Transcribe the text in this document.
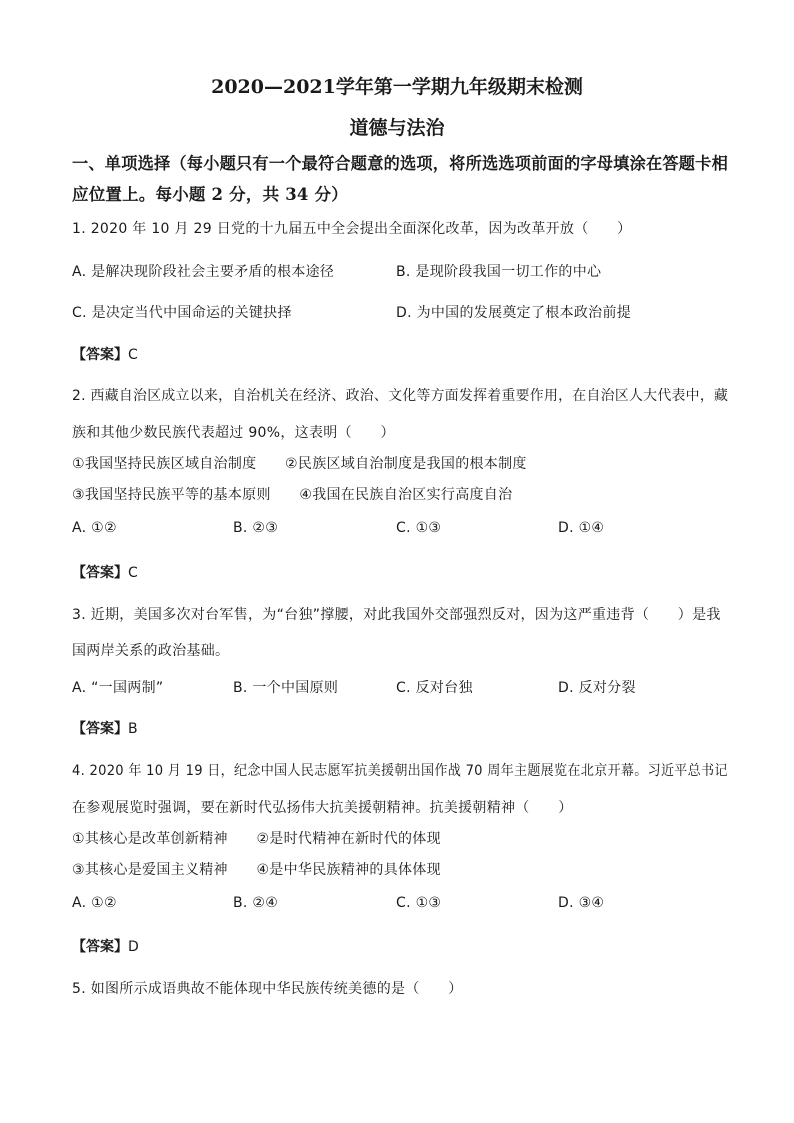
2020—2021学年第一学期九年级期末检测
道德与法治
一、单项选择（每小题只有一个最符合题意的选项，将所选选项前面的字母填涂在答题卡相
应位置上。每小题 2 分，共 34 分）
1. 2020 年 10 月 29 日党的十九届五中全会提出全面深化改革，因为改革开放（　　）
A. 是解决现阶段社会主要矛盾的根本途径	B. 是现阶段我国一切工作的中心
C. 是决定当代中国命运的关键抉择	D. 为中国的发展奠定了根本政治前提
【答案】C
2. 西藏自治区成立以来，自治机关在经济、政治、文化等方面发挥着重要作用，在自治区人大代表中，藏
族和其他少数民族代表超过 90%，这表明（　　）
①我国坚持民族区域自治制度　　②民族区域自治制度是我国的根本制度
③我国坚持民族平等的基本原则　　④我国在民族自治区实行高度自治
A. ①②	B. ②③	C. ①③	D. ①④
【答案】C
3. 近期，美国多次对台军售，为“台独”撑腰，对此我国外交部强烈反对，因为这严重违背（　　）是我
国两岸关系的政治基础。
A. “一国两制”	B. 一个中国原则	C. 反对台独	D. 反对分裂
【答案】B
4. 2020 年 10 月 19 日，纪念中国人民志愿军抗美援朝出国作战 70 周年主题展览在北京开幕。习近平总书记
在参观展览时强调，要在新时代弘扬伟大抗美援朝精神。抗美援朝精神（　　）
①其核心是改革创新精神　　②是时代精神在新时代的体现
③其核心是爱国主义精神　　④是中华民族精神的具体体现
A. ①②	B. ②④	C. ①③	D. ③④
【答案】D
5. 如图所示成语典故不能体现中华民族传统美德的是（　　）
